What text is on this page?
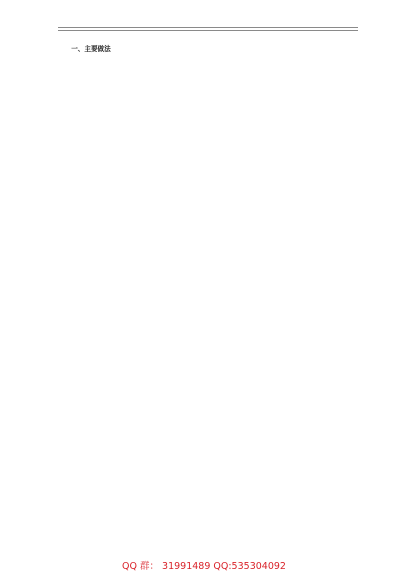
一、主要做法

QQ 群： 31991489 QQ:535304092
